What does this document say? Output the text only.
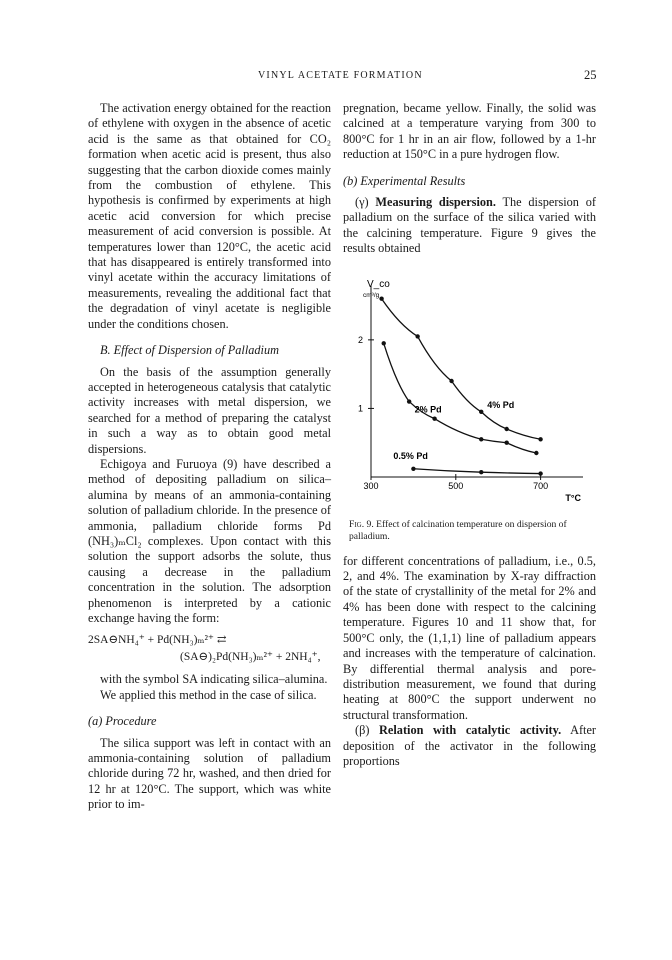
VINYL ACETATE FORMATION	25

The activation energy obtained for the reaction of ethylene with oxygen in the absence of acetic acid is the same as that obtained for CO₂ formation when acetic acid is present, thus also suggesting that the carbon dioxide comes mainly from the combustion of ethylene. This hypothesis is confirmed by experiments at high acetic acid conversion for which precise measurement of acid conversion is possible. At temperatures lower than 120°C, the acetic acid that has disappeared is entirely transformed into vinyl acetate within the accuracy limitations of measurements, revealing the additional fact that the degradation of vinyl acetate is negligible under the conditions chosen.

B. Effect of Dispersion of Palladium

On the basis of the assumption generally accepted in heterogeneous catalysis that catalytic activity increases with metal dispersion, we searched for a method of preparing the catalyst in such a way as to obtain good metal dispersions.

Echigoya and Furuoya (9) have described a method of depositing palladium on silica–alumina by means of an ammonia-containing solution of palladium chloride. In the presence of ammonia, palladium chloride forms Pd (NH₃)ₘCl₂ complexes. Upon contact with this solution the support adsorbs the solute, thus causing a decrease in the palladium concentration in the solution. The adsorption phenomenon is interpreted by a cationic exchange having the form:

2SA⊖NH₄⁺ + Pd(NH₃)ₘ²⁺ ⇄
(SA⊖)₂Pd(NH₃)ₘ²⁺ + 2NH₄⁺,

with the symbol SA indicating silica–alumina.

We applied this method in the case of silica.

(a) Procedure

The silica support was left in contact with an ammonia-containing solution of palladium chloride during 72 hr, washed, and then dried for 12 hr at 120°C. The support, which was white prior to im-

pregnation, became yellow. Finally, the solid was calcined at a temperature varying from 300 to 800°C for 1 hr in an air flow, followed by a 1-hr reduction at 150°C in a pure hydrogen flow.

(b) Experimental Results

(γ) Measuring dispersion. The dispersion of palladium on the surface of the silica varied with the calcining temperature. Figure 9 gives the results obtained

V_co
cm³/g
1
2
300	500	700
T°C
4% Pd
2% Pd
0.5% Pd
Fig. 9. Effect of calcination temperature on dispersion of palladium.

for different concentrations of palladium, i.e., 0.5, 2, and 4%. The examination by X-ray diffraction of the state of crystallinity of the metal for 2% and 4% has been done with respect to the calcining temperature. Figures 10 and 11 show that, for 500°C only, the (1,1,1) line of palladium appears and increases with the temperature of calcination. By differential thermal analysis and pore-distribution measurement, we found that during heating at 800°C the support underwent no structural transformation.

(β) Relation with catalytic activity. After deposition of the activator in the following proportions
